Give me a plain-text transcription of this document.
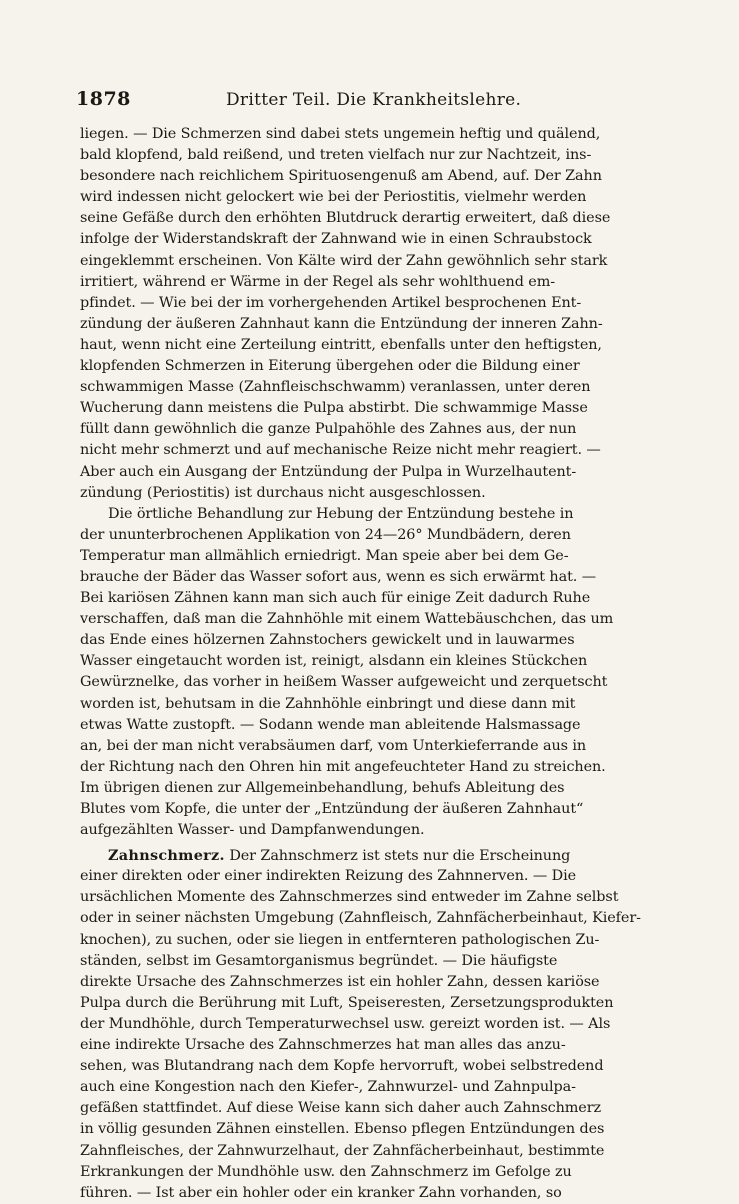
1878	Dritter Teil. Die Krankheitslehre.
liegen. — Die Schmerzen sind dabei stets ungemein heftig und quälend,
bald klopfend, bald reißend, und treten vielfach nur zur Nachtzeit, ins-
besondere nach reichlichem Spirituosengenuß am Abend, auf. Der Zahn
wird indessen nicht gelockert wie bei der Periostitis, vielmehr werden
seine Gefäße durch den erhöhten Blutdruck derartig erweitert, daß diese
infolge der Widerstandskraft der Zahnwand wie in einen Schraubstock
eingeklemmt erscheinen. Von Kälte wird der Zahn gewöhnlich sehr stark
irritiert, während er Wärme in der Regel als sehr wohlthuend em-
pfindet. — Wie bei der im vorhergehenden Artikel besprochenen Ent-
zündung der äußeren Zahnhaut kann die Entzündung der inneren Zahn-
haut, wenn nicht eine Zerteilung eintritt, ebenfalls unter den heftigsten,
klopfenden Schmerzen in Eiterung übergehen oder die Bildung einer
schwammigen Masse (Zahnfleischschwamm) veranlassen, unter deren
Wucherung dann meistens die Pulpa abstirbt. Die schwammige Masse
füllt dann gewöhnlich die ganze Pulpahöhle des Zahnes aus, der nun
nicht mehr schmerzt und auf mechanische Reize nicht mehr reagiert. —
Aber auch ein Ausgang der Entzündung der Pulpa in Wurzelhautent-
zündung (Periostitis) ist durchaus nicht ausgeschlossen.
Die örtliche Behandlung zur Hebung der Entzündung bestehe in
der ununterbrochenen Applikation von 24—26° Mundbädern, deren
Temperatur man allmählich erniedrigt. Man speie aber bei dem Ge-
brauche der Bäder das Wasser sofort aus, wenn es sich erwärmt hat. —
Bei kariösen Zähnen kann man sich auch für einige Zeit dadurch Ruhe
verschaffen, daß man die Zahnhöhle mit einem Wattebäuschchen, das um
das Ende eines hölzernen Zahnstochers gewickelt und in lauwarmes
Wasser eingetaucht worden ist, reinigt, alsdann ein kleines Stückchen
Gewürznelke, das vorher in heißem Wasser aufgeweicht und zerquetscht
worden ist, behutsam in die Zahnhöhle einbringt und diese dann mit
etwas Watte zustopft. — Sodann wende man ableitende Halsmassage
an, bei der man nicht verabsäumen darf, vom Unterkieferrande aus in
der Richtung nach den Ohren hin mit angefeuchteter Hand zu streichen.
Im übrigen dienen zur Allgemeinbehandlung, behufs Ableitung des
Blutes vom Kopfe, die unter der „Entzündung der äußeren Zahnhaut“
aufgezählten Wasser- und Dampfanwendungen.
Zahnschmerz. Der Zahnschmerz ist stets nur die Erscheinung
einer direkten oder einer indirekten Reizung des Zahnnerven. — Die
ursächlichen Momente des Zahnschmerzes sind entweder im Zahne selbst
oder in seiner nächsten Umgebung (Zahnfleisch, Zahnfächerbeinhaut, Kiefer-
knochen), zu suchen, oder sie liegen in entfernteren pathologischen Zu-
ständen, selbst im Gesamtorganismus begründet. — Die häufigste
direkte Ursache des Zahnschmerzes ist ein hohler Zahn, dessen kariöse
Pulpa durch die Berührung mit Luft, Speiseresten, Zersetzungsprodukten
der Mundhöhle, durch Temperaturwechsel usw. gereizt worden ist. — Als
eine indirekte Ursache des Zahnschmerzes hat man alles das anzu-
sehen, was Blutandrang nach dem Kopfe hervorruft, wobei selbstredend
auch eine Kongestion nach den Kiefer-, Zahnwurzel- und Zahnpulpa-
gefäßen stattfindet. Auf diese Weise kann sich daher auch Zahnschmerz
in völlig gesunden Zähnen einstellen. Ebenso pflegen Entzündungen des
Zahnfleisches, der Zahnwurzelhaut, der Zahnfächerbeinhaut, bestimmte
Erkrankungen der Mundhöhle usw. den Zahnschmerz im Gefolge zu
führen. — Ist aber ein hohler oder ein kranker Zahn vorhanden, so
